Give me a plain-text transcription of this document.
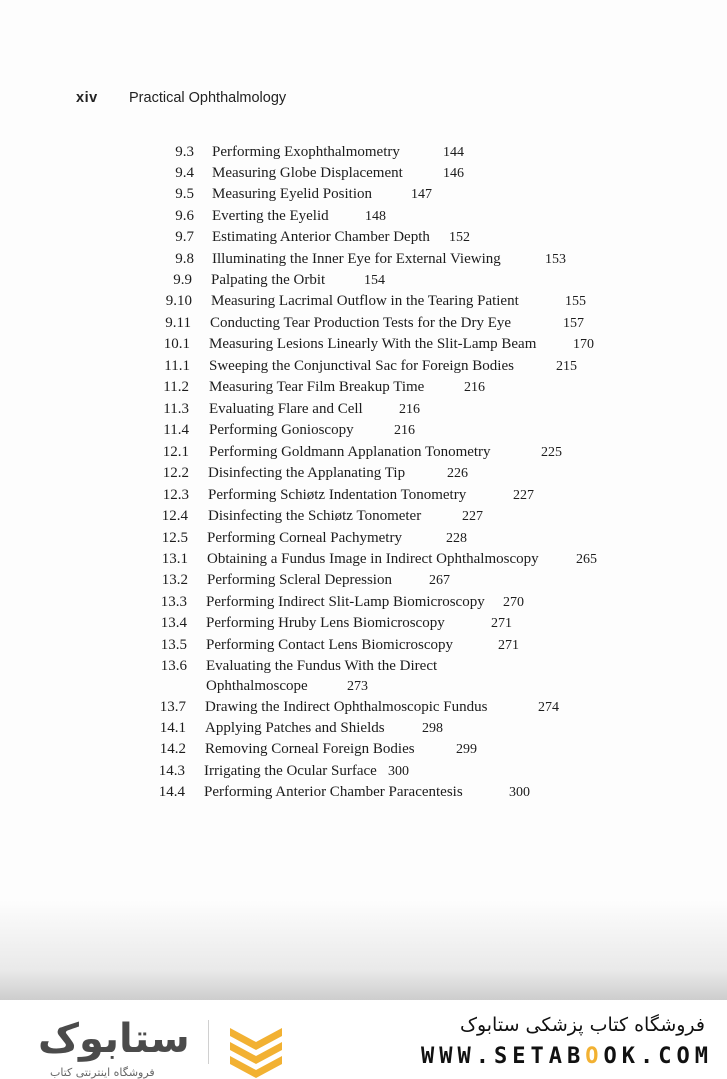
xiv Practical Ophthalmology
9.3 Performing Exophthalmometry	144
9.4 Measuring Globe Displacement	146
9.5 Measuring Eyelid Position	147
9.6 Everting the Eyelid	148
9.7 Estimating Anterior Chamber Depth 152
9.8 Illuminating the Inner Eye for External Viewing	153
9.9 Palpating the Orbit	154
9.10 Measuring Lacrimal Outflow in the Tearing Patient	155
9.11 Conducting Tear Production Tests for the Dry Eye	157
10.1 Measuring Lesions Linearly With the Slit-Lamp Beam	170
11.1 Sweeping the Conjunctival Sac for Foreign Bodies	215
11.2 Measuring Tear Film Breakup Time	216
11.3 Evaluating Flare and Cell	216
11.4 Performing Gonioscopy	216
12.1 Performing Goldmann Applanation Tonometry	225
12.2 Disinfecting the Applanating Tip	226
12.3 Performing Schiøtz Indentation Tonometry	227
12.4 Disinfecting the Schiøtz Tonometer	227
12.5 Performing Corneal Pachymetry	228
13.1 Obtaining a Fundus Image in Indirect Ophthalmoscopy	265
13.2 Performing Scleral Depression	267
13.3 Performing Indirect Slit-Lamp Biomicroscopy 270
13.4 Performing Hruby Lens Biomicroscopy	271
13.5 Performing Contact Lens Biomicroscopy	271
13.6 Evaluating the Fundus With the Direct
Ophthalmoscope	273
13.7 Drawing the Indirect Ophthalmoscopic Fundus	274
14.1 Applying Patches and Shields	298
14.2 Removing Corneal Foreign Bodies	299
14.3 Irrigating the Ocular Surface 300
14.4 Performing Anterior Chamber Paracentesis	300
ستابوک
فروشگاه اینترنتی کتاب
فروشگاه کتاب پزشکی ستابوک
WWW.SETABOOK.COM
